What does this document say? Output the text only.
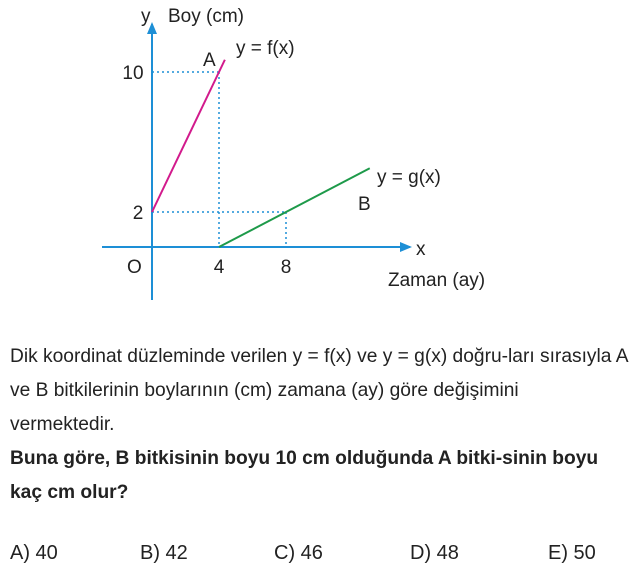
y Boy (cm)
x
Zaman (ay)
O	4	8
2
10
y = f(x)
y = g(x)
A
B

Dik koordinat düzleminde verilen y = f(x) ve y = g(x) doğru-ları sırasıyla A ve B bitkilerinin boylarının (cm) zamana (ay) göre değişimini vermektedir.

Buna göre, B bitkisinin boyu 10 cm olduğunda A bitki-sinin boyu kaç cm olur?

A) 40	B) 42	C) 46	D) 48	E) 50
